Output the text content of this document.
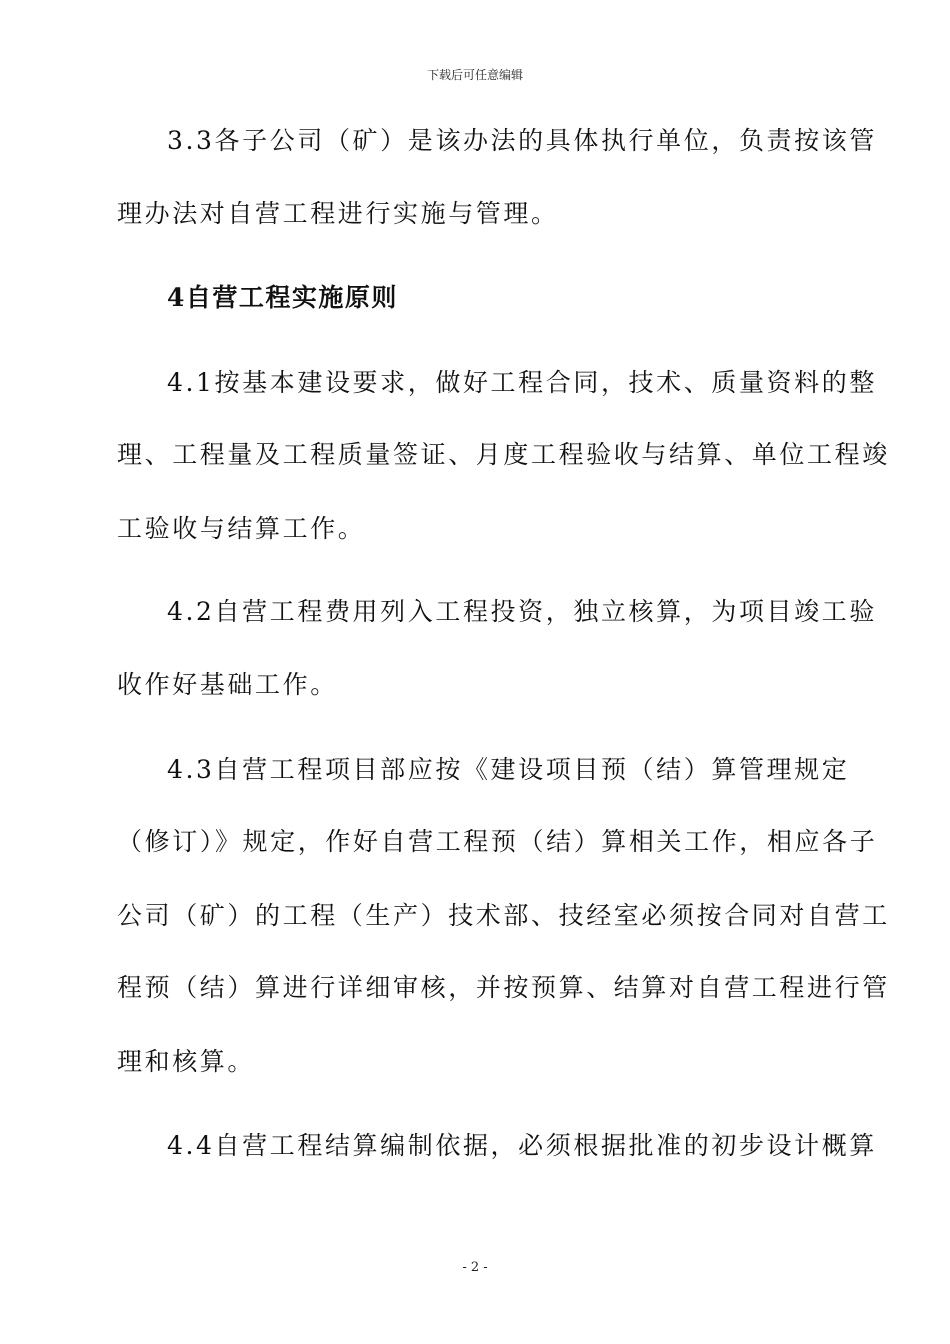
下载后可任意编辑
3.3各子公司（矿）是该办法的具体执行单位，负责按该管
理办法对自营工程进行实施与管理。
4自营工程实施原则
4.1按基本建设要求，做好工程合同，技术、质量资料的整
理、工程量及工程质量签证、月度工程验收与结算、单位工程竣
工验收与结算工作。
4.2自营工程费用列入工程投资，独立核算，为项目竣工验
收作好基础工作。
4.3自营工程项目部应按《建设项目预（结）算管理规定
（修订）》规定，作好自营工程预（结）算相关工作，相应各子
公司（矿）的工程（生产）技术部、技经室必须按合同对自营工
程预（结）算进行详细审核，并按预算、结算对自营工程进行管
理和核算。
4.4自营工程结算编制依据，必须根据批准的初步设计概算
- 2 -
